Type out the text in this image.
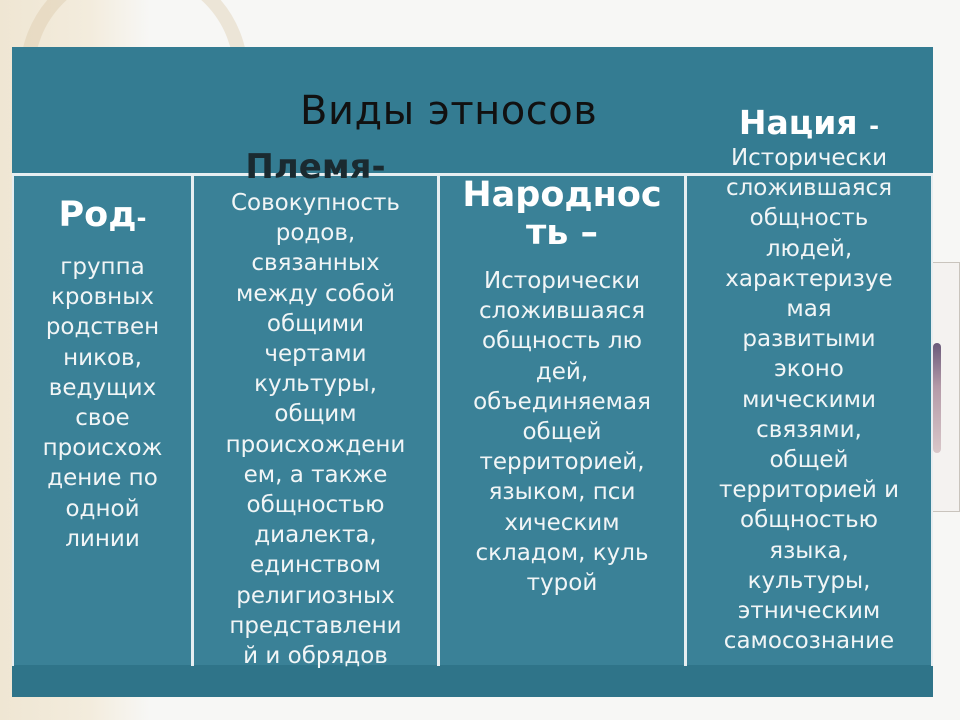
Виды этносов
Род-
группа
кровных
родствен
ников,
ведущих
свое
происхож
дение по
одной
линии
Племя-
Совокупность
родов,
связанных
между собой
общими
чертами
культуры,
общим
происхождени
ем, а также
общностью
диалекта,
единством
религиозных
представлени
й и обрядов
Народнос
ть –
Исторически
сложившаяся
общность лю
дей,
объединяемая
общей
территорией,
языком, пси
хическим
складом, куль
турой
Нация -
Исторически
сложившаяся
общность
людей,
характеризуе
мая
развитыми
эконо
мическими
связями,
общей
территорией и
общностью
языка,
культуры,
этническим
самосознание
